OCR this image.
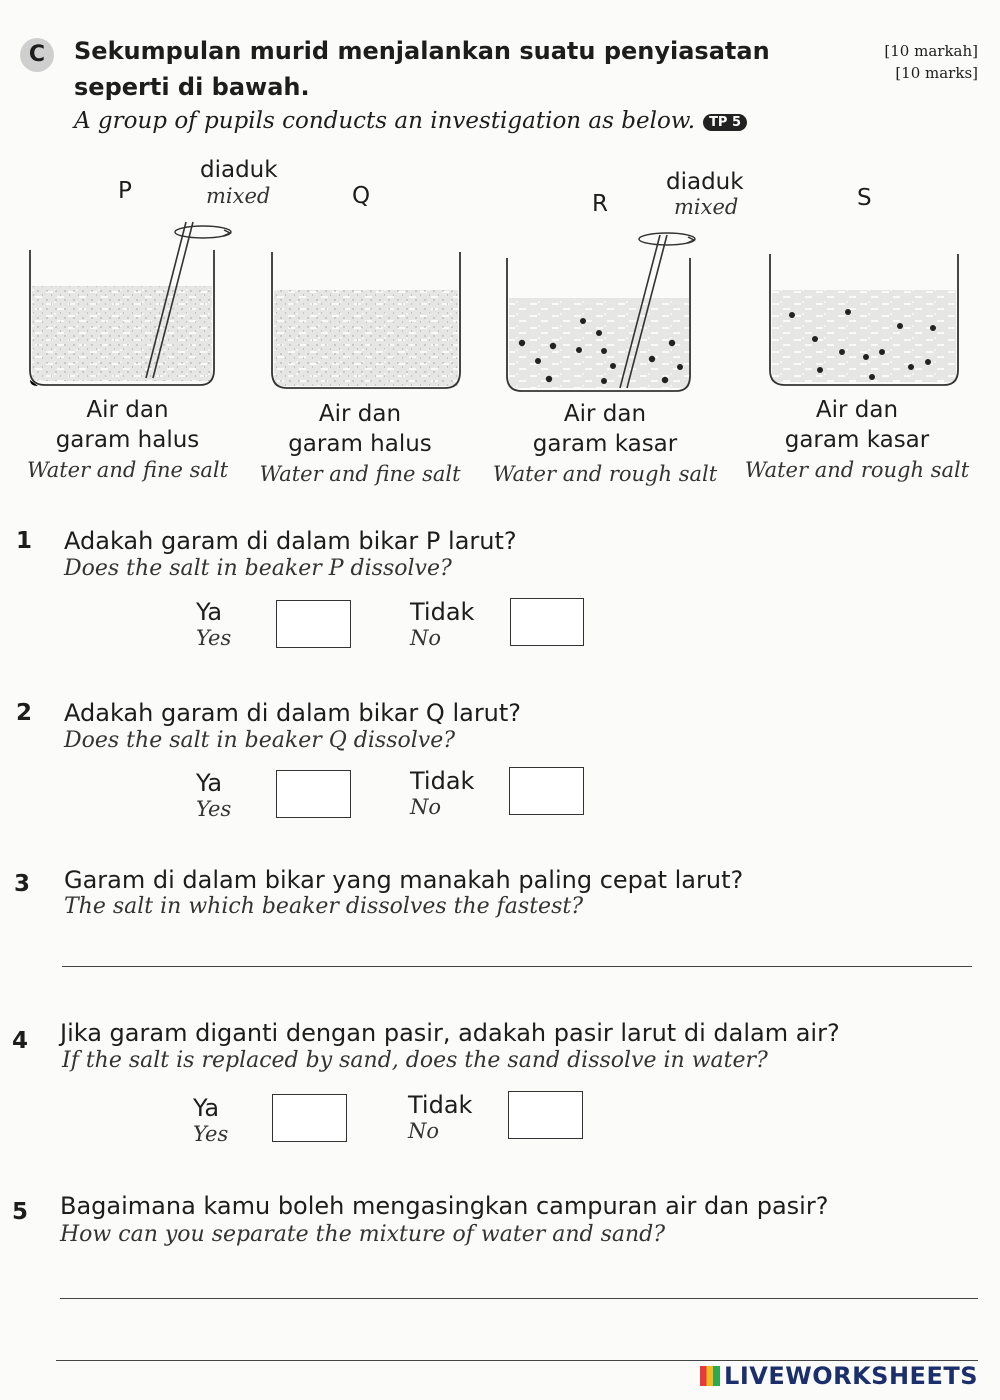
C	Sekumpulan murid menjalankan suatu penyiasatan
seperti di bawah.
A group of pupils conducts an investigation as below. TP 5
[10 markah]
[10 marks]
P
diaduk
mixed	Q	R
diaduk
mixed	S
Air dan
garam halus
Water and fine salt
Air dan
garam halus
Water and fine salt
Air dan
garam kasar
Water and rough salt
Air dan
garam kasar
Water and rough salt
1 Adakah garam di dalam bikar P larut?
Does the salt in beaker P dissolve?
Ya
Yes
Tidak
No
2 Adakah garam di dalam bikar Q larut?
Does the salt in beaker Q dissolve?
Ya
Yes
Tidak
No
3 Garam di dalam bikar yang manakah paling cepat larut?
The salt in which beaker dissolves the fastest?
4 Jika garam diganti dengan pasir, adakah pasir larut di dalam air?
If the salt is replaced by sand, does the sand dissolve in water?
Ya
Yes
Tidak
No
5 Bagaimana kamu boleh mengasingkan campuran air dan pasir?
How can you separate the mixture of water and sand?
LIVEWORKSHEETS
